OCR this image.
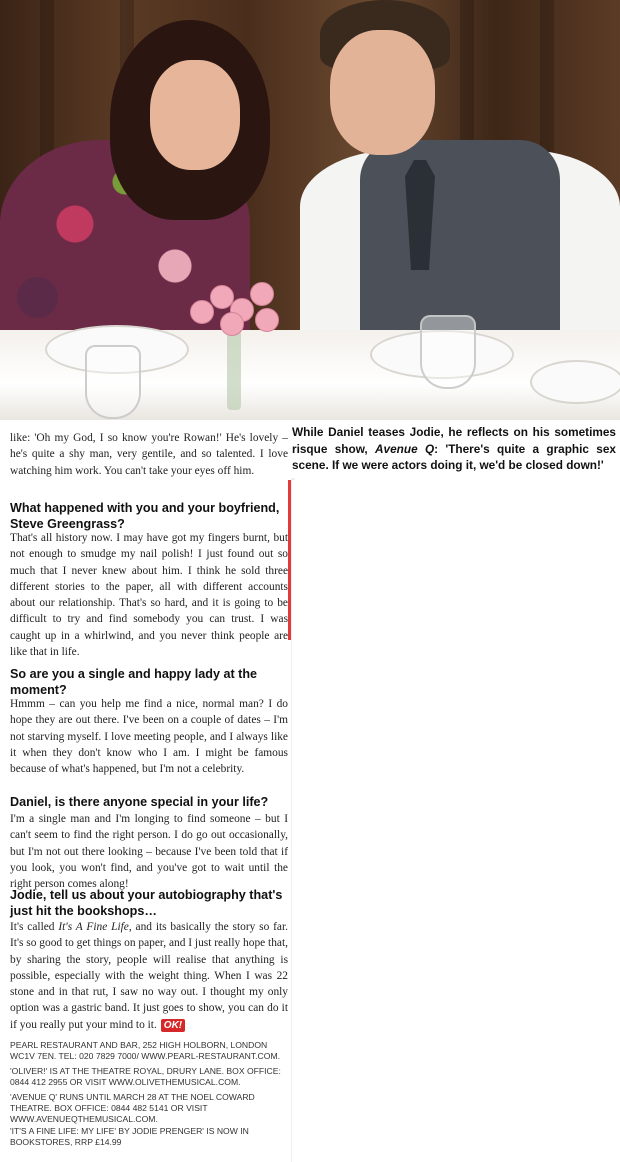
While Daniel teases Jodie, he reflects on his sometimes risque show, Avenue Q: 'There's quite a graphic sex scene. If we were actors doing it, we'd be closed down!'
like: 'Oh my God, I so know you're Rowan!' He's lovely – he's quite a shy man, very gentile, and so talented. I love watching him work. You can't take your eyes off him.
What happened with you and your boyfriend, Steve Greengrass?
That's all history now. I may have got my fingers burnt, but not enough to smudge my nail polish! I just found out so much that I never knew about him. I think he sold three different stories to the paper, all with different accounts about our relationship. That's so hard, and it is going to be difficult to try and find somebody you can trust. I was caught up in a whirlwind, and you never think people are like that in life.
So are you a single and happy lady at the moment?
Hmmm – can you help me find a nice, normal man? I do hope they are out there. I've been on a couple of dates – I'm not starving myself. I love meeting people, and I always like it when they don't know who I am. I might be famous because of what's happened, but I'm not a celebrity.
Daniel, is there anyone special in your life?
I'm a single man and I'm longing to find someone – but I can't seem to find the right person. I do go out occasionally, but I'm not out there looking – because I've been told that if you look, you won't find, and you've got to wait until the right person comes along!
Jodie, tell us about your autobiography that's just hit the bookshops…
It's called It's A Fine Life, and its basically the story so far. It's so good to get things on paper, and I just really hope that, by sharing the story, people will realise that anything is possible, especially with the weight thing. When I was 22 stone and in that rut, I saw no way out. I thought my only option was a gastric band. It just goes to show, you can do it if you really put your mind to it. OK!
PEARL RESTAURANT AND BAR, 252 HIGH HOLBORN, LONDON WC1V 7EN. TEL: 020 7829 7000/ WWW.PEARL-RESTAURANT.COM.
'OLIVER!' IS AT THE THEATRE ROYAL, DRURY LANE. BOX OFFICE: 0844 412 2955 OR VISIT WWW.OLIVETHEMUSICAL.COM.
'AVENUE Q' RUNS UNTIL MARCH 28 AT THE NOEL COWARD THEATRE. BOX OFFICE: 0844 482 5141 OR VISIT WWW.AVENUEQTHEMUSICAL.COM.
'IT'S A FINE LIFE: MY LIFE' BY JODIE PRENGER' IS NOW IN BOOKSTORES, RRP £14.99
